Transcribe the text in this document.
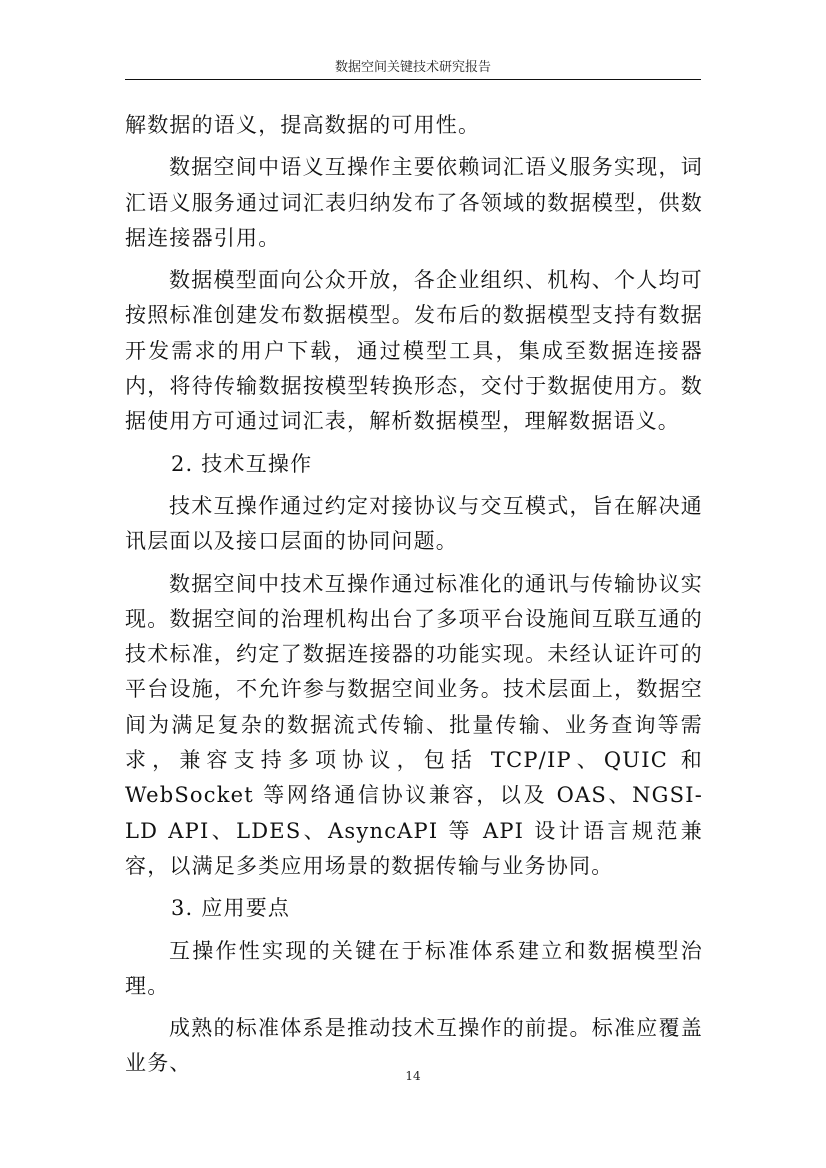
数据空间关键技术研究报告

解数据的语义，提高数据的可用性。

数据空间中语义互操作主要依赖词汇语义服务实现，词汇语义服务通过词汇表归纳发布了各领域的数据模型，供数据连接器引用。

数据模型面向公众开放，各企业组织、机构、个人均可按照标准创建发布数据模型。发布后的数据模型支持有数据开发需求的用户下载，通过模型工具，集成至数据连接器内，将待传输数据按模型转换形态，交付于数据使用方。数据使用方可通过词汇表，解析数据模型，理解数据语义。

2. 技术互操作

技术互操作通过约定对接协议与交互模式，旨在解决通讯层面以及接口层面的协同问题。

数据空间中技术互操作通过标准化的通讯与传输协议实现。数据空间的治理机构出台了多项平台设施间互联互通的技术标准，约定了数据连接器的功能实现。未经认证许可的平台设施，不允许参与数据空间业务。技术层面上，数据空间为满足复杂的数据流式传输、批量传输、业务查询等需求，兼容支持多项协议，包括 TCP/IP、QUIC 和 WebSocket 等网络通信协议兼容，以及 OAS、NGSI-LD API、LDES、AsyncAPI 等 API 设计语言规范兼容，以满足多类应用场景的数据传输与业务协同。

3. 应用要点

互操作性实现的关键在于标准体系建立和数据模型治理。

成熟的标准体系是推动技术互操作的前提。标准应覆盖业务、

14
